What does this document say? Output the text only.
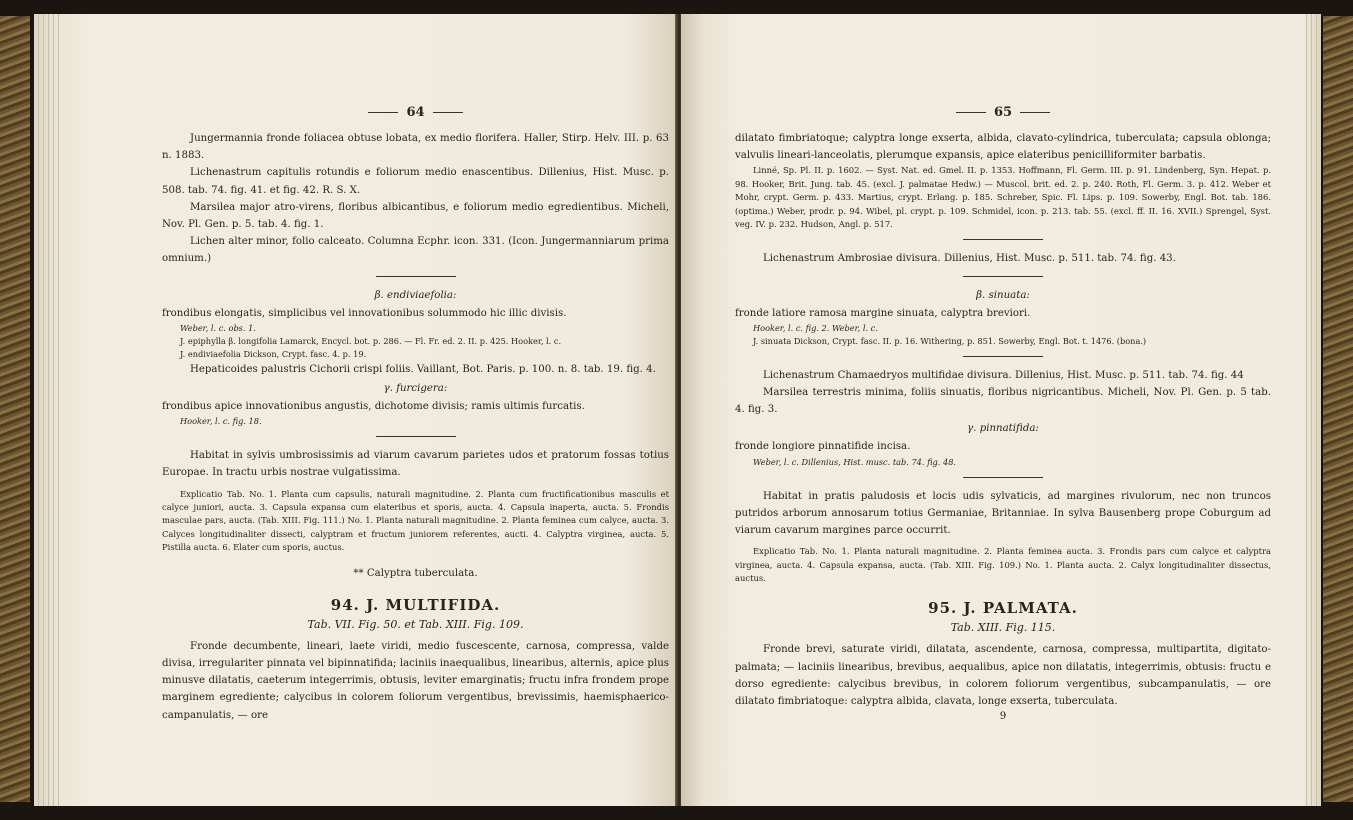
64

Jungermannia fronde foliacea obtuse lobata, ex medio florifera. Haller, Stirp. Helv. III. p. 63 n. 1883.

Lichenastrum capitulis rotundis e foliorum medio enascentibus. Dillenius, Hist. Musc. p. 508. tab. 74. fig. 41. et fig. 42. R. S. X.

Marsilea major atro-virens, floribus albicantibus, e foliorum medio egredientibus. Micheli, Nov. Pl. Gen. p. 5. tab. 4. fig. 1.

Lichen alter minor, folio calceato. Columna Ecphr. icon. 331. (Icon. Jungermanniarum prima omnium.)

β. endiviaefolia:

frondibus elongatis, simplicibus vel innovationibus solummodo hic illic divisis.

Weber, l. c. obs. 1.

J. epiphylla β. longifolia Lamarck, Encycl. bot. p. 286. — Fl. Fr. ed. 2. II. p. 425. Hooker, l. c.

J. endiviaefolia Dickson, Crypt. fasc. 4. p. 19.

Hepaticoides palustris Cichorii crispi foliis. Vaillant, Bot. Paris. p. 100. n. 8. tab. 19. fig. 4.

γ. furcigera:

frondibus apice innovationibus angustis, dichotome divisis; ramis ultimis furcatis.

Hooker, l. c. fig. 18.

Habitat in sylvis umbrosissimis ad viarum cavarum parietes udos et pratorum fossas totius Europae. In tractu urbis nostrae vulgatissima.

Explicatio Tab. No. 1. Planta cum capsulis, naturali magnitudine. 2. Planta cum fructificationibus masculis et calyce juniori, aucta. 3. Capsula expansa cum elateribus et sporis, aucta. 4. Capsula inaperta, aucta. 5. Frondis masculae pars, aucta. (Tab. XIII. Fig. 111.) No. 1. Planta naturali magnitudine. 2. Planta feminea cum calyce, aucta. 3. Calyces longitudinaliter dissecti, calyptram et fructum juniorem referentes, aucti. 4. Calyptra virginea, aucta. 5. Pistilla aucta. 6. Elater cum sporis, auctus.

** Calyptra tuberculata.

94. J. MULTIFIDA.

Tab. VII. Fig. 50. et Tab. XIII. Fig. 109.

Fronde decumbente, lineari, laete viridi, medio fuscescente, carnosa, compressa, valde divisa, irregulariter pinnata vel bipinnatifida; laciniis inaequalibus, linearibus, alternis, apice plus minusve dilatatis, caeterum integerrimis, obtusis, leviter emarginatis; fructu infra frondem prope marginem egrediente; calycibus in colorem foliorum vergentibus, brevissimis, haemisphaerico-campanulatis, — ore

65

dilatato fimbriatoque; calyptra longe exserta, albida, clavato-cylindrica, tuberculata; capsula oblonga; valvulis lineari-lanceolatis, plerumque expansis, apice elateribus penicilliformiter barbatis.

Linné, Sp. Pl. II. p. 1602. — Syst. Nat. ed. Gmel. II. p. 1353. Hoffmann, Fl. Germ. III. p. 91. Lindenberg, Syn. Hepat. p. 98. Hooker, Brit. Jung. tab. 45. (excl. J. palmatae Hedw.) — Muscol. brit. ed. 2. p. 240. Roth, Fl. Germ. 3. p. 412. Weber et Mohr, crypt. Germ. p. 433. Martius, crypt. Erlang. p. 185. Schreber, Spic. Fl. Lips. p. 109. Sowerby, Engl. Bot. tab. 186. (optima.) Weber, prodr. p. 94. Wibel, pl. crypt. p. 109. Schmidel, icon. p. 213. tab. 55. (excl. ff. II. 16. XVII.) Sprengel, Syst. veg. IV. p. 232. Hudson, Angl. p. 517.

Lichenastrum Ambrosiae divisura. Dillenius, Hist. Musc. p. 511. tab. 74. fig. 43.

β. sinuata:

fronde latiore ramosa margine sinuata, calyptra breviori.

Hooker, l. c. fig. 2. Weber, l. c.

J. sinuata Dickson, Crypt. fasc. II. p. 16. Withering, p. 851. Sowerby, Engl. Bot. t. 1476. (bona.)

Lichenastrum Chamaedryos multifidae divisura. Dillenius, Hist. Musc. p. 511. tab. 74. fig. 44

Marsilea terrestris minima, foliis sinuatis, floribus nigricantibus. Micheli, Nov. Pl. Gen. p. 5 tab. 4. fig. 3.

γ. pinnatifida:

fronde longiore pinnatifide incisa.

Weber, l. c. Dillenius, Hist. musc. tab. 74. fig. 48.

Habitat in pratis paludosis et locis udis sylvaticis, ad margines rivulorum, nec non truncos putridos arborum annosarum totius Germaniae, Britanniae. In sylva Bausenberg prope Coburgum ad viarum cavarum margines parce occurrit.

Explicatio Tab. No. 1. Planta naturali magnitudine. 2. Planta feminea aucta. 3. Frondis pars cum calyce et calyptra virginea, aucta. 4. Capsula expansa, aucta. (Tab. XIII. Fig. 109.) No. 1. Planta aucta. 2. Calyx longitudinaliter dissectus, auctus.

95. J. PALMATA.

Tab. XIII. Fig. 115.

Fronde brevi, saturate viridi, dilatata, ascendente, carnosa, compressa, multipartita, digitato-palmata; — laciniis linearibus, brevibus, aequalibus, apice non dilatatis, integerrimis, obtusis: fructu e dorso egrediente: calycibus brevibus, in colorem foliorum vergentibus, subcampanulatis, — ore dilatato fimbriatoque: calyptra albida, clavata, longe exserta, tuberculata.

9
